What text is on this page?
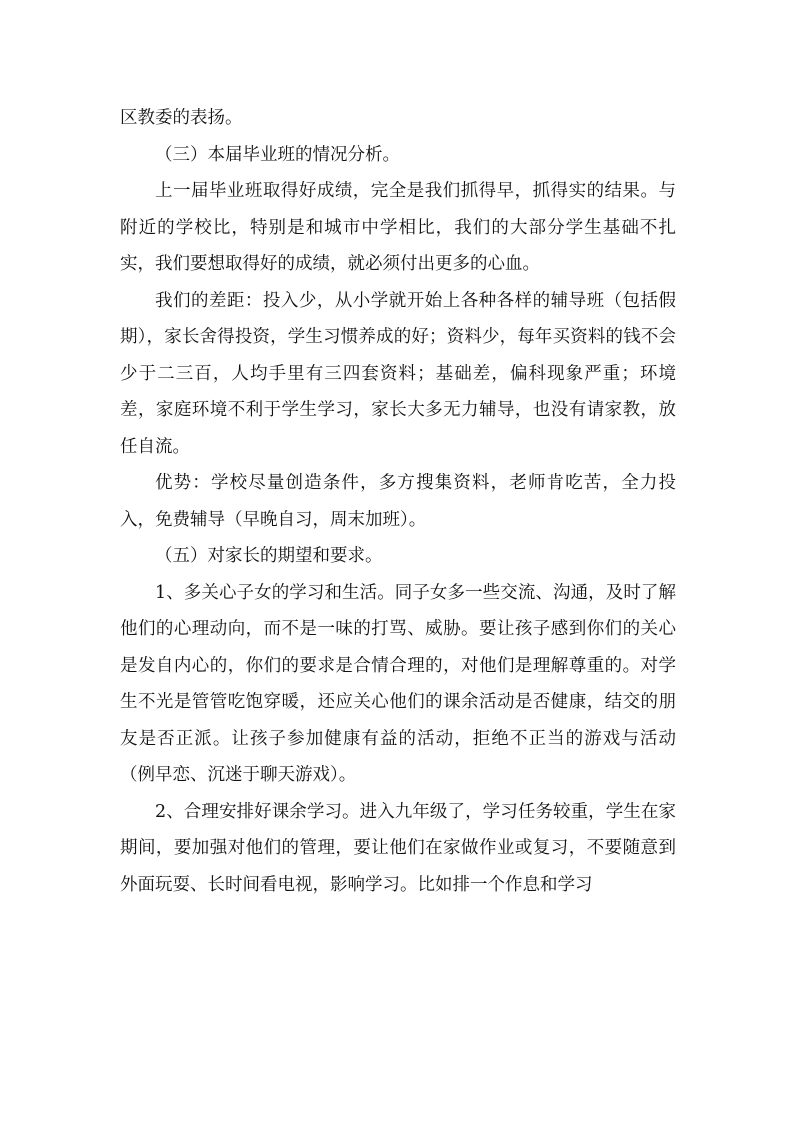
区教委的表扬。

（三）本届毕业班的情况分析。

上一届毕业班取得好成绩，完全是我们抓得早，抓得实的结果。与附近的学校比，特别是和城市中学相比，我们的大部分学生基础不扎实，我们要想取得好的成绩，就必须付出更多的心血。

我们的差距：投入少，从小学就开始上各种各样的辅导班（包括假期），家长舍得投资，学生习惯养成的好；资料少，每年买资料的钱不会少于二三百，人均手里有三四套资料；基础差，偏科现象严重；环境差，家庭环境不利于学生学习，家长大多无力辅导，也没有请家教，放任自流。

优势：学校尽量创造条件，多方搜集资料，老师肯吃苦，全力投入，免费辅导（早晚自习，周末加班）。

（五）对家长的期望和要求。

1、多关心子女的学习和生活。同子女多一些交流、沟通，及时了解他们的心理动向，而不是一味的打骂、威胁。要让孩子感到你们的关心是发自内心的，你们的要求是合情合理的，对他们是理解尊重的。对学生不光是管管吃饱穿暖，还应关心他们的课余活动是否健康，结交的朋友是否正派。让孩子参加健康有益的活动，拒绝不正当的游戏与活动（例早恋、沉迷于聊天游戏）。

2、合理安排好课余学习。进入九年级了，学习任务较重，学生在家期间，要加强对他们的管理，要让他们在家做作业或复习，不要随意到外面玩耍、长时间看电视，影响学习。比如排一个作息和学习
